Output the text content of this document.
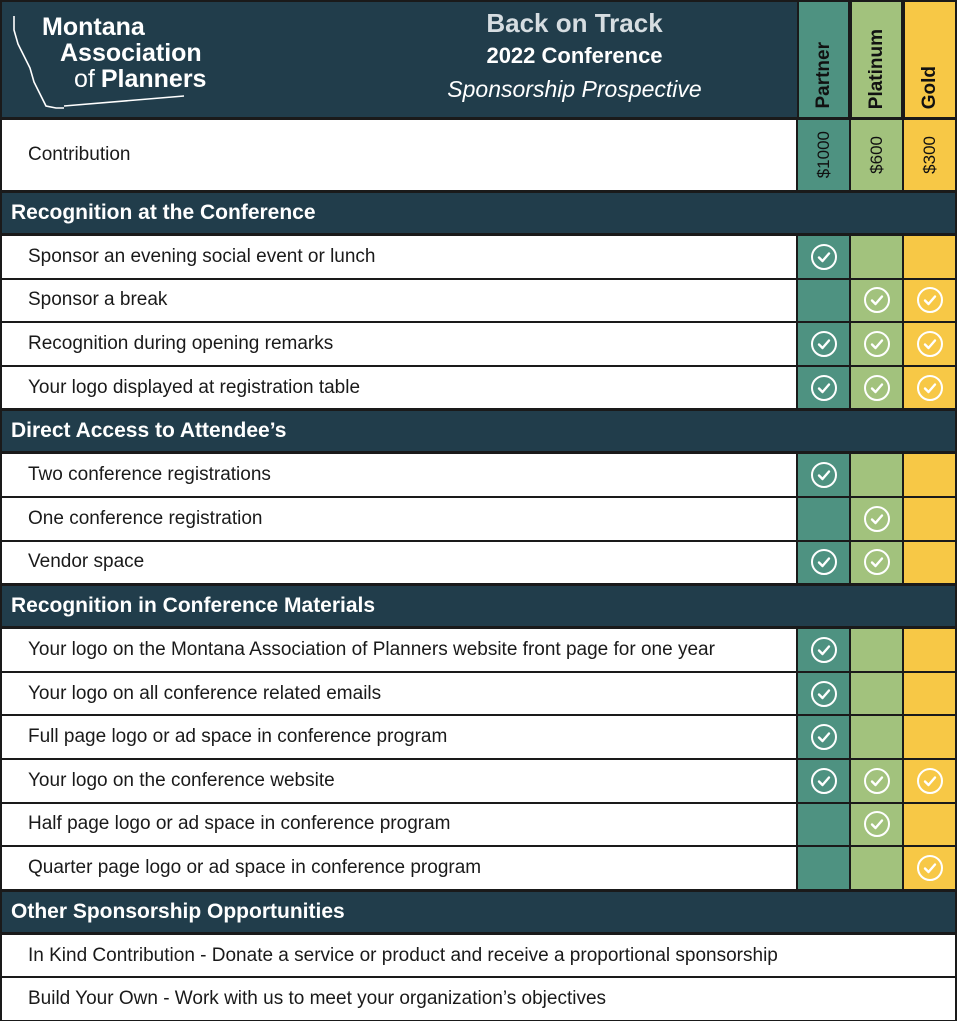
Montana
Association
of Planners
Back on Track
2022 Conference
Sponsorship Prospective	Partner Platinum Gold
Contribution	$1000 $600 $300
Recognition at the Conference
Sponsor an evening social event or lunch
Sponsor a break
Recognition during opening remarks
Your logo displayed at registration table
Direct Access to Attendee’s
Two conference registrations
One conference registration
Vendor space
Recognition in Conference Materials
Your logo on the Montana Association of Planners website front page for one year
Your logo on all conference related emails
Full page logo or ad space in conference program
Your logo on the conference website
Half page logo or ad space in conference program
Quarter page logo or ad space in conference program
Other Sponsorship Opportunities
In Kind Contribution - Donate a service or product and receive a proportional sponsorship
Build Your Own - Work with us to meet your organization’s objectives
